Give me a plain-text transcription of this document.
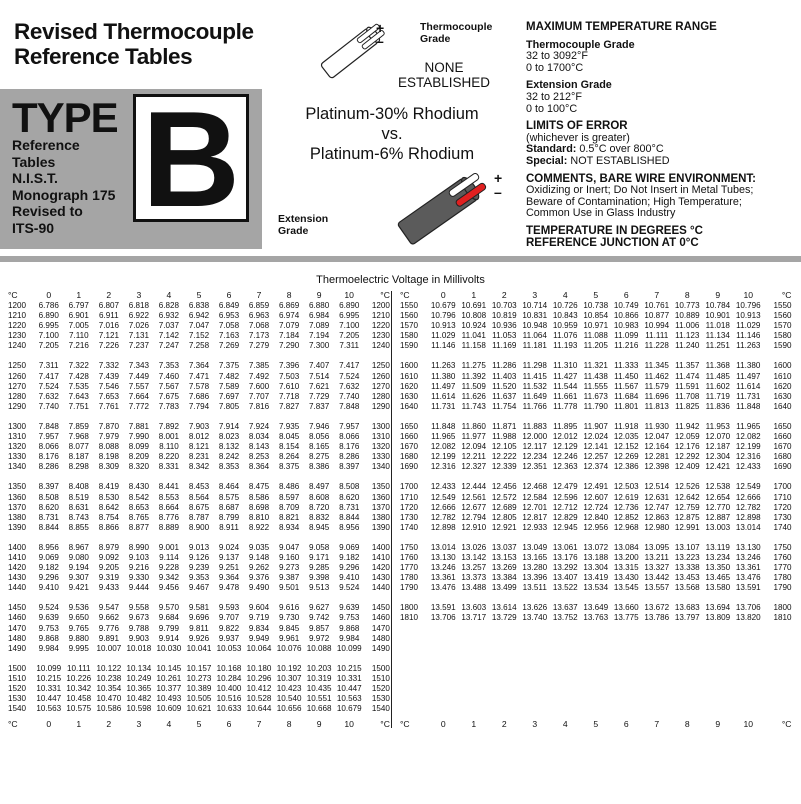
Revised Thermocouple
Reference Tables
TYPE
Reference
Tables
N.I.S.T.
Monograph 175
Revised to
ITS-90 B
+
–
Thermocouple
Grade
NONE
ESTABLISHED
Platinum-30% Rhodium
vs.
Platinum-6% Rhodium
+
–
Extension
Grade
MAXIMUM TEMPERATURE RANGE
Thermocouple Grade
32 to 3092°F
0 to 1700°C
Extension Grade
32 to 212°F
0 to 100°C
LIMITS OF ERROR
(whichever is greater)
Standard: 0.5°C over 800°C
Special: NOT ESTABLISHED
COMMENTS, BARE WIRE ENVIRONMENT:
Oxidizing or Inert; Do Not Insert in Metal Tubes;
Beware of Contamination; High Temperature;
Common Use in Glass Industry
TEMPERATURE IN DEGREES °C
REFERENCE JUNCTION AT 0°C
Thermoelectric Voltage in Millivolts
°C	0	1	2	3	4	5	6	7	8	9	10	°C
1200	6.786	6.797	6.807	6.818	6.828	6.838	6.849	6.859	6.869	6.880	6.890	1200
1210	6.890	6.901	6.911	6.922	6.932	6.942	6.953	6.963	6.974	6.984	6.995	1210
1220	6.995	7.005	7.016	7.026	7.037	7.047	7.058	7.068	7.079	7.089	7.100	1220
1230	7.100	7.110	7.121	7.131	7.142	7.152	7.163	7.173	7.184	7.194	7.205	1230
1240	7.205	7.216	7.226	7.237	7.247	7.258	7.269	7.279	7.290	7.300	7.311	1240
1250	7.311	7.322	7.332	7.343	7.353	7.364	7.375	7.385	7.396	7.407	7.417	1250
1260	7.417	7.428	7.439	7.449	7.460	7.471	7.482	7.492	7.503	7.514	7.524	1260
1270	7.524	7.535	7.546	7.557	7.567	7.578	7.589	7.600	7.610	7.621	7.632	1270
1280	7.632	7.643	7.653	7.664	7.675	7.686	7.697	7.707	7.718	7.729	7.740	1280
1290	7.740	7.751	7.761	7.772	7.783	7.794	7.805	7.816	7.827	7.837	7.848	1290
1300	7.848	7.859	7.870	7.881	7.892	7.903	7.914	7.924	7.935	7.946	7.957	1300
1310	7.957	7.968	7.979	7.990	8.001	8.012	8.023	8.034	8.045	8.056	8.066	1310
1320	8.066	8.077	8.088	8.099	8.110	8.121	8.132	8.143	8.154	8.165	8.176	1320
1330	8.176	8.187	8.198	8.209	8.220	8.231	8.242	8.253	8.264	8.275	8.286	1330
1340	8.286	8.298	8.309	8.320	8.331	8.342	8.353	8.364	8.375	8.386	8.397	1340
1350	8.397	8.408	8.419	8.430	8.441	8.453	8.464	8.475	8.486	8.497	8.508	1350
1360	8.508	8.519	8.530	8.542	8.553	8.564	8.575	8.586	8.597	8.608	8.620	1360
1370	8.620	8.631	8.642	8.653	8.664	8.675	8.687	8.698	8.709	8.720	8.731	1370
1380	8.731	8.743	8.754	8.765	8.776	8.787	8.799	8.810	8.821	8.832	8.844	1380
1390	8.844	8.855	8.866	8.877	8.889	8.900	8.911	8.922	8.934	8.945	8.956	1390
1400	8.956	8.967	8.979	8.990	9.001	9.013	9.024	9.035	9.047	9.058	9.069	1400
1410	9.069	9.080	9.092	9.103	9.114	9.126	9.137	9.148	9.160	9.171	9.182	1410
1420	9.182	9.194	9.205	9.216	9.228	9.239	9.251	9.262	9.273	9.285	9.296	1420
1430	9.296	9.307	9.319	9.330	9.342	9.353	9.364	9.376	9.387	9.398	9.410	1430
1440	9.410	9.421	9.433	9.444	9.456	9.467	9.478	9.490	9.501	9.513	9.524	1440
1450	9.524	9.536	9.547	9.558	9.570	9.581	9.593	9.604	9.616	9.627	9.639	1450
1460	9.639	9.650	9.662	9.673	9.684	9.696	9.707	9.719	9.730	9.742	9.753	1460
1470	9.753	9.765	9.776	9.788	9.799	9.811	9.822	9.834	9.845	9.857	9.868	1470
1480	9.868	9.880	9.891	9.903	9.914	9.926	9.937	9.949	9.961	9.972	9.984	1480
1490	9.984	9.995 10.007 10.018 10.030 10.041 10.053 10.064 10.076 10.088 10.099	1490
1500	10.099 10.111 10.122 10.134 10.145 10.157 10.168 10.180 10.192 10.203 10.215	1500
1510	10.215 10.226 10.238 10.249 10.261 10.273 10.284 10.296 10.307 10.319 10.331	1510
1520	10.331 10.342 10.354 10.365 10.377 10.389 10.400 10.412 10.423 10.435 10.447	1520
1530	10.447 10.458 10.470 10.482 10.493 10.505 10.516 10.528 10.540 10.551 10.563	1530
1540	10.563 10.575 10.586 10.598 10.609 10.621 10.633 10.644 10.656 10.668 10.679	1540
°C	0	1	2	3	4	5	6	7	8	9	10	°C
°C	0	1	2	3	4	5	6	7	8	9	10	°C
1550	10.679 10.691 10.703 10.714 10.726 10.738 10.749 10.761 10.773 10.784 10.796	1550
1560	10.796 10.808 10.819 10.831 10.843 10.854 10.866 10.877 10.889 10.901 10.913	1560
1570	10.913 10.924 10.936 10.948 10.959 10.971 10.983 10.994 11.006 11.018 11.029	1570
1580	11.029 11.041 11.053 11.064 11.076 11.088 11.099 11.111 11.123 11.134 11.146	1580
1590	11.146 11.158 11.169 11.181 11.193 11.205 11.216 11.228 11.240 11.251 11.263	1590
1600	11.263 11.275 11.286 11.298 11.310 11.321 11.333 11.345 11.357 11.368 11.380	1600
1610	11.380 11.392 11.403 11.415 11.427 11.438 11.450 11.462 11.474 11.485 11.497	1610
1620	11.497 11.509 11.520 11.532 11.544 11.555 11.567 11.579 11.591 11.602 11.614	1620
1630	11.614 11.626 11.637 11.649 11.661 11.673 11.684 11.696 11.708 11.719 11.731	1630
1640	11.731 11.743 11.754 11.766 11.778 11.790 11.801 11.813 11.825 11.836 11.848	1640
1650	11.848 11.860 11.871 11.883 11.895 11.907 11.918 11.930 11.942 11.953 11.965	1650
1660	11.965 11.977 11.988 12.000 12.012 12.024 12.035 12.047 12.059 12.070 12.082	1660
1670	12.082 12.094 12.105 12.117 12.129 12.141 12.152 12.164 12.176 12.187 12.199	1670
1680	12.199 12.211 12.222 12.234 12.246 12.257 12.269 12.281 12.292 12.304 12.316	1680
1690	12.316 12.327 12.339 12.351 12.363 12.374 12.386 12.398 12.409 12.421 12.433	1690
1700	12.433 12.444 12.456 12.468 12.479 12.491 12.503 12.514 12.526 12.538 12.549	1700
1710	12.549 12.561 12.572 12.584 12.596 12.607 12.619 12.631 12.642 12.654 12.666	1710
1720	12.666 12.677 12.689 12.701 12.712 12.724 12.736 12.747 12.759 12.770 12.782	1720
1730	12.782 12.794 12.805 12.817 12.829 12.840 12.852 12.863 12.875 12.887 12.898	1730
1740	12.898 12.910 12.921 12.933 12.945 12.956 12.968 12.980 12.991 13.003 13.014	1740
1750	13.014 13.026 13.037 13.049 13.061 13.072 13.084 13.095 13.107 13.119 13.130	1750
1760	13.130 13.142 13.153 13.165 13.176 13.188 13.200 13.211 13.223 13.234 13.246	1760
1770	13.246 13.257 13.269 13.280 13.292 13.304 13.315 13.327 13.338 13.350 13.361	1770
1780	13.361 13.373 13.384 13.396 13.407 13.419 13.430 13.442 13.453 13.465 13.476	1780
1790	13.476 13.488 13.499 13.511 13.522 13.534 13.545 13.557 13.568 13.580 13.591	1790
1800	13.591 13.603 13.614 13.626 13.637 13.649 13.660 13.672 13.683 13.694 13.706	1800
1810	13.706 13.717 13.729 13.740 13.752 13.763 13.775 13.786 13.797 13.809 13.820	1810
°C	0	1	2	3	4	5	6	7	8	9	10	°C
